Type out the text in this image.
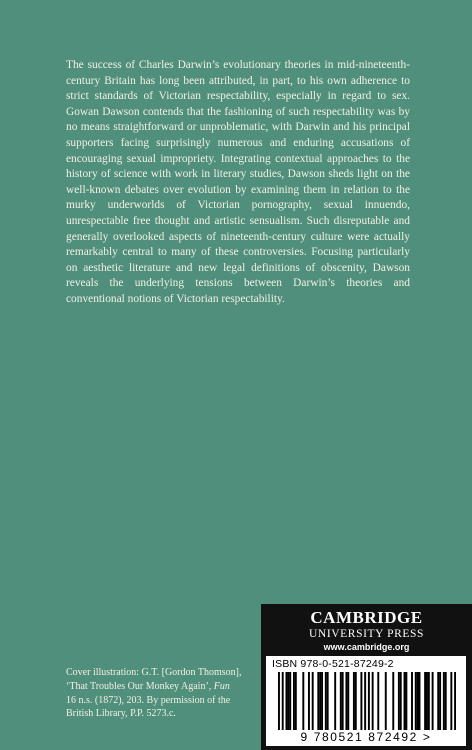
The success of Charles Darwin’s evolutionary theories in mid-nineteenth-century Britain has long been attributed, in part, to his own adherence to strict standards of Victorian respectability, especially in regard to sex. Gowan Dawson contends that the fashioning of such respectability was by no means straightforward or unproblematic, with Darwin and his principal supporters facing surprisingly numerous and enduring accusations of encouraging sexual impropriety. Integrating contextual approaches to the history of science with work in literary studies, Dawson sheds light on the well-known debates over evolution by examining them in relation to the murky underworlds of Victorian pornography, sexual innuendo, unrespectable free thought and artistic sensualism. Such disreputable and generally overlooked aspects of nineteenth-century culture were actually remarkably central to many of these controversies. Focusing particularly on aesthetic literature and new legal definitions of obscenity, Dawson reveals the underlying tensions between Darwin’s theories and conventional notions of Victorian respectability.

Cover illustration: G.T. [Gordon Thomson],
‘That Troubles Our Monkey Again’, Fun
16 n.s. (1872), 203. By permission of the
British Library, P.P. 5273.c.

CAMBRIDGE
UNIVERSITY PRESS
www.cambridge.org
ISBN 978-0-521-87249-2
9 780521 872492 >
